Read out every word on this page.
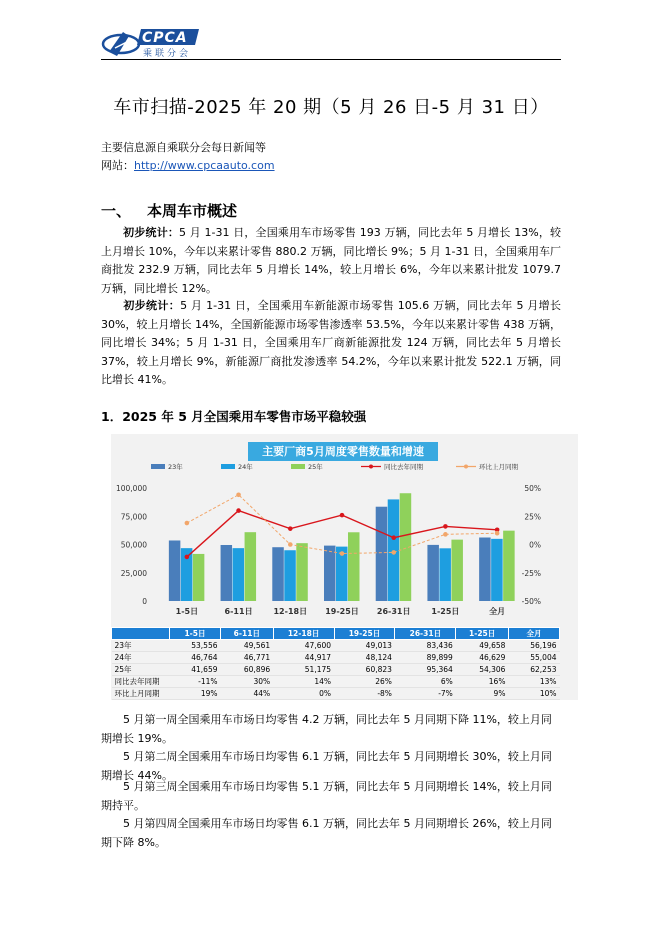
CPCA
乘联分会
车市扫描-2025 年 20 期（5 月 26 日-5 月 31 日）
主要信息源自乘联分会每日新闻等
网站：http://www.cpcaauto.com
一、 本周车市概述
初步统计：5 月 1-31 日，全国乘用车市场零售 193 万辆，同比去年 5 月增长 13%，较上月增长 10%，今年以来累计零售 880.2 万辆，同比增长 9%；5 月 1-31 日，全国乘用车厂商批发 232.9 万辆，同比去年 5 月增长 14%，较上月增长 6%，今年以来累计批发 1079.7 万辆，同比增长 12%。
初步统计：5 月 1-31 日，全国乘用车新能源市场零售 105.6 万辆，同比去年 5 月增长 30%，较上月增长 14%，全国新能源市场零售渗透率 53.5%，今年以来累计零售 438 万辆，同比增长 34%；5 月 1-31 日，全国乘用车厂商新能源批发 124 万辆，同比去年 5 月增长 37%，较上月增长 9%，新能源厂商批发渗透率 54.2%，今年以来累计批发 522.1 万辆，同比增长 41%。
1．2025 年 5 月全国乘用车零售市场平稳较强
100,000
75,000
50,000
25,000
0
50%
25%
0%
-25%
-50%
1-5日	6-11日	12-18日 19-25日 26-31日	1-25日	全月
23年	24年	25年	同比去年同期	环比上月同期
主要厂商5月周度零售数量和增速
	1-5日	6-11日	12-18日	19-25日	26-31日	1-25日	全月
23年	53,556	49,561	47,600	49,013	83,436	49,658	56,196
24年	46,764	46,771	44,917	48,124	89,899	46,629	55,004
25年	41,659	60,896	51,175	60,823	95,364	54,306	62,253
同比去年同期	-11%	30%	14%	26%	6%	16%	13%
环比上月同期	19%	44%	0%	-8%	-7%	9%	10%
5 月第一周全国乘用车市场日均零售 4.2 万辆，同比去年 5 月同期下降 11%，较上月同期增长 19%。
5 月第二周全国乘用车市场日均零售 6.1 万辆，同比去年 5 月同期增长 30%，较上月同期增长 44%。
5 月第三周全国乘用车市场日均零售 5.1 万辆，同比去年 5 月同期增长 14%，较上月同期持平。
5 月第四周全国乘用车市场日均零售 6.1 万辆，同比去年 5 月同期增长 26%，较上月同期下降 8%。
